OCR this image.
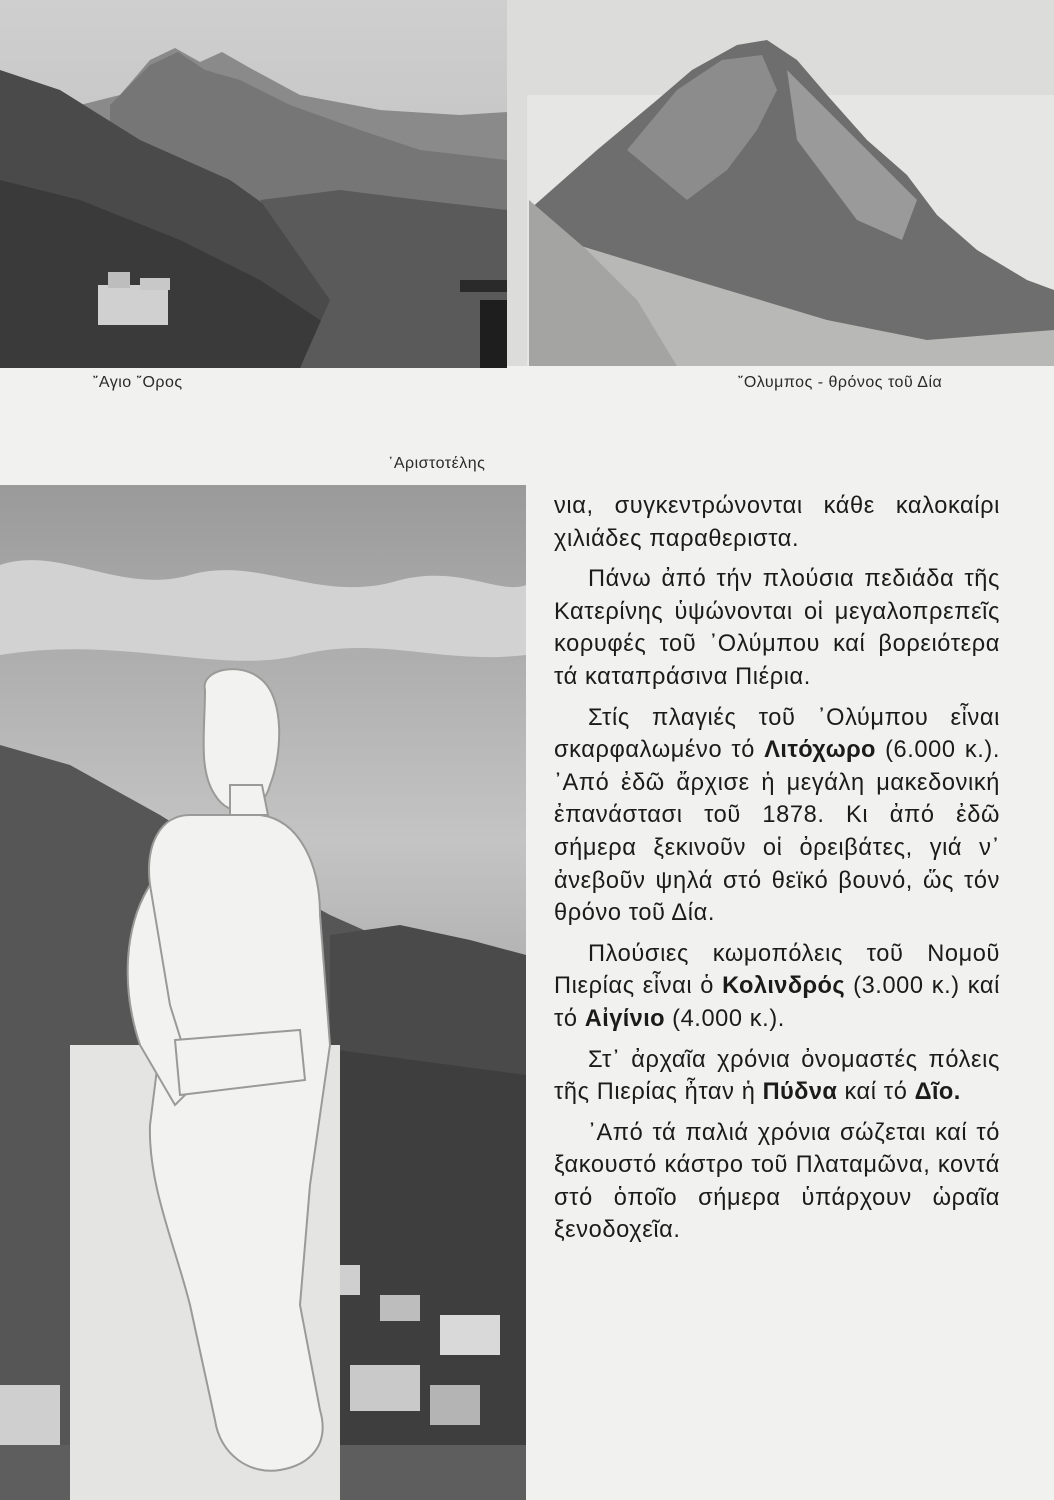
῎Αγιο ῎Ορος	῎Ολυμπος - θρόνος τοῦ Δία
᾿Αριστοτέλης

νια, συγκεντρώνονται κάθε καλοκαίρι χιλιάδες παραθεριστα.

Πάνω ἀπό τήν πλούσια πεδιάδα τῆς Κατερίνης ὑψώνονται οἱ μεγαλοπρεπεῖς κορυφές τοῦ ᾿Ολύμπου καί βορειότερα τά καταπράσινα Πιέρια.

Στίς πλαγιές τοῦ ᾿Ολύμπου εἶναι σκαρφαλωμένο τό Λιτόχωρο (6.000 κ.). ᾿Από ἐδῶ ἄρχισε ἡ μεγάλη μακεδονική ἐπανάστασι τοῦ 1878. Κι ἀπό ἐδῶ σήμερα ξεκινοῦν οἱ ὀρειβάτες, γιά ν᾿ ἀνεβοῦν ψηλά στό θεϊκό βουνό, ὥς τόν θρόνο τοῦ Δία.

Πλούσιες κωμοπόλεις τοῦ Νομοῦ Πιερίας εἶναι ὁ Κολινδρός (3.000 κ.) καί τό Αἰγίνιο (4.000 κ.).

Στ᾿ ἀρχαῖα χρόνια ὀνομαστές πόλεις τῆς Πιερίας ἦταν ἡ Πύδνα καί τό Δῖο.

᾿Από τά παλιά χρόνια σώζεται καί τό ξακουστό κάστρο τοῦ Πλαταμῶνα, κοντά στό ὁποῖο σήμερα ὑπάρχουν ὡραῖα ξενοδοχεῖα.
